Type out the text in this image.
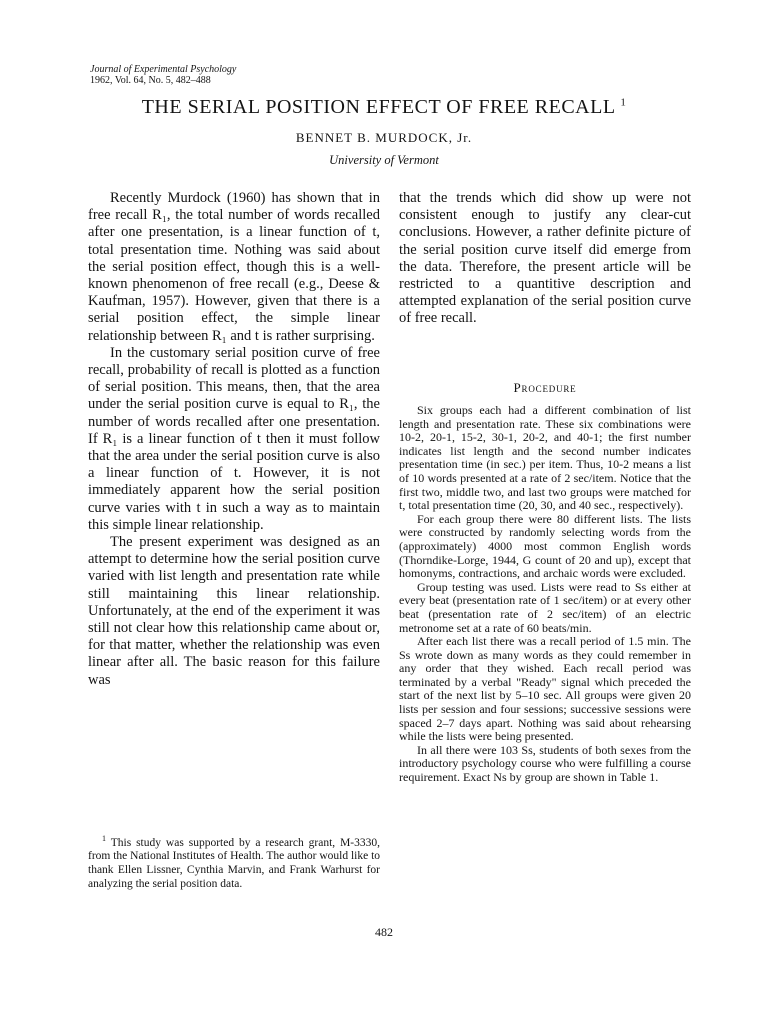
Journal of Experimental Psychology
1962, Vol. 64, No. 5, 482–488
THE SERIAL POSITION EFFECT OF FREE RECALL $^1$
BENNET B. MURDOCK, Jr.
University of Vermont

Recently Murdock (1960) has shown that in free recall R₁, the total number of words recalled after one presentation, is a linear function of t, total presentation time. Nothing was said about the serial position effect, though this is a well-known phenomenon of free recall (e.g., Deese & Kaufman, 1957). However, given that there is a serial position effect, the simple linear relationship between R₁ and t is rather surprising.

In the customary serial position curve of free recall, probability of recall is plotted as a function of serial position. This means, then, that the area under the serial position curve is equal to R₁, the number of words recalled after one presentation. If R₁ is a linear function of t then it must follow that the area under the serial position curve is also a linear function of t. However, it is not immediately apparent how the serial position curve varies with t in such a way as to maintain this simple linear relationship.

The present experiment was designed as an attempt to determine how the serial position curve varied with list length and presentation rate while still maintaining this linear relationship. Unfortunately, at the end of the experiment it was still not clear how this relationship came about or, for that matter, whether the relationship was even linear after all. The basic reason for this failure was

$^1$ This study was supported by a research grant, M-3330, from the National Institutes of Health. The author would like to thank Ellen Lissner, Cynthia Marvin, and Frank Warhurst for analyzing the serial position data.

that the trends which did show up were not consistent enough to justify any clear-cut conclusions. However, a rather definite picture of the serial position curve itself did emerge from the data. Therefore, the present article will be restricted to a quantitive description and attempted explanation of the serial position curve of free recall.

Procedure

Six groups each had a different combination of list length and presentation rate. These six combinations were 10-2, 20-1, 15-2, 30-1, 20-2, and 40-1; the first number indicates list length and the second number indicates presentation time (in sec.) per item. Thus, 10-2 means a list of 10 words presented at a rate of 2 sec/item. Notice that the first two, middle two, and last two groups were matched for t, total presentation time (20, 30, and 40 sec., respectively).

For each group there were 80 different lists. The lists were constructed by randomly selecting words from the (approximately) 4000 most common English words (Thorndike-Lorge, 1944, G count of 20 and up), except that homonyms, contractions, and archaic words were excluded.

Group testing was used. Lists were read to Ss either at every beat (presentation rate of 1 sec/item) or at every other beat (presentation rate of 2 sec/item) of an electric metronome set at a rate of 60 beats/min.

After each list there was a recall period of 1.5 min. The Ss wrote down as many words as they could remember in any order that they wished. Each recall period was terminated by a verbal "Ready" signal which preceded the start of the next list by 5–10 sec. All groups were given 20 lists per session and four sessions; successive sessions were spaced 2–7 days apart. Nothing was said about rehearsing while the lists were being presented.

In all there were 103 Ss, students of both sexes from the introductory psychology course who were fulfilling a course requirement. Exact Ns by group are shown in Table 1.

482
